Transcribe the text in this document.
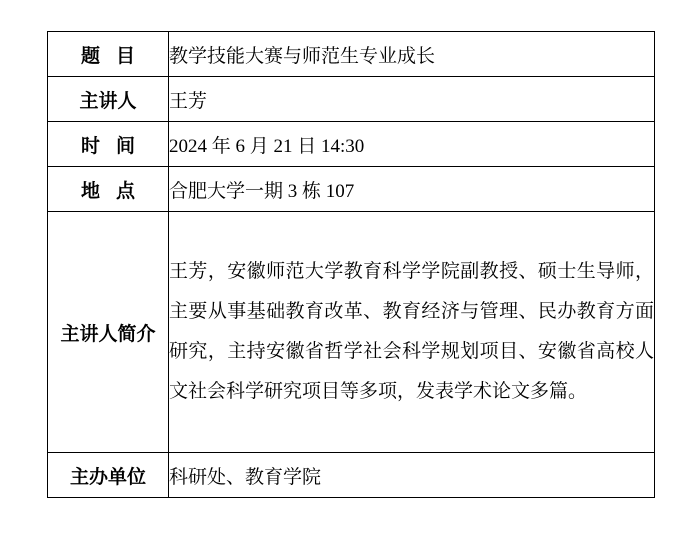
题目	教学技能大赛与师范生专业成长

主讲人	王芳

时间	2024 年 6 月 21 日 14:30

地点	合肥大学一期 3 栋 107

主讲人简介	王芳，安徽师范大学教育科学学院副教授、硕士生导师，主要从事基础教育改革、教育经济与管理、民办教育方面研究，主持安徽省哲学社会科学规划项目、安徽省高校人文社会科学研究项目等多项，发表学术论文多篇。

主办单位	科研处、教育学院
